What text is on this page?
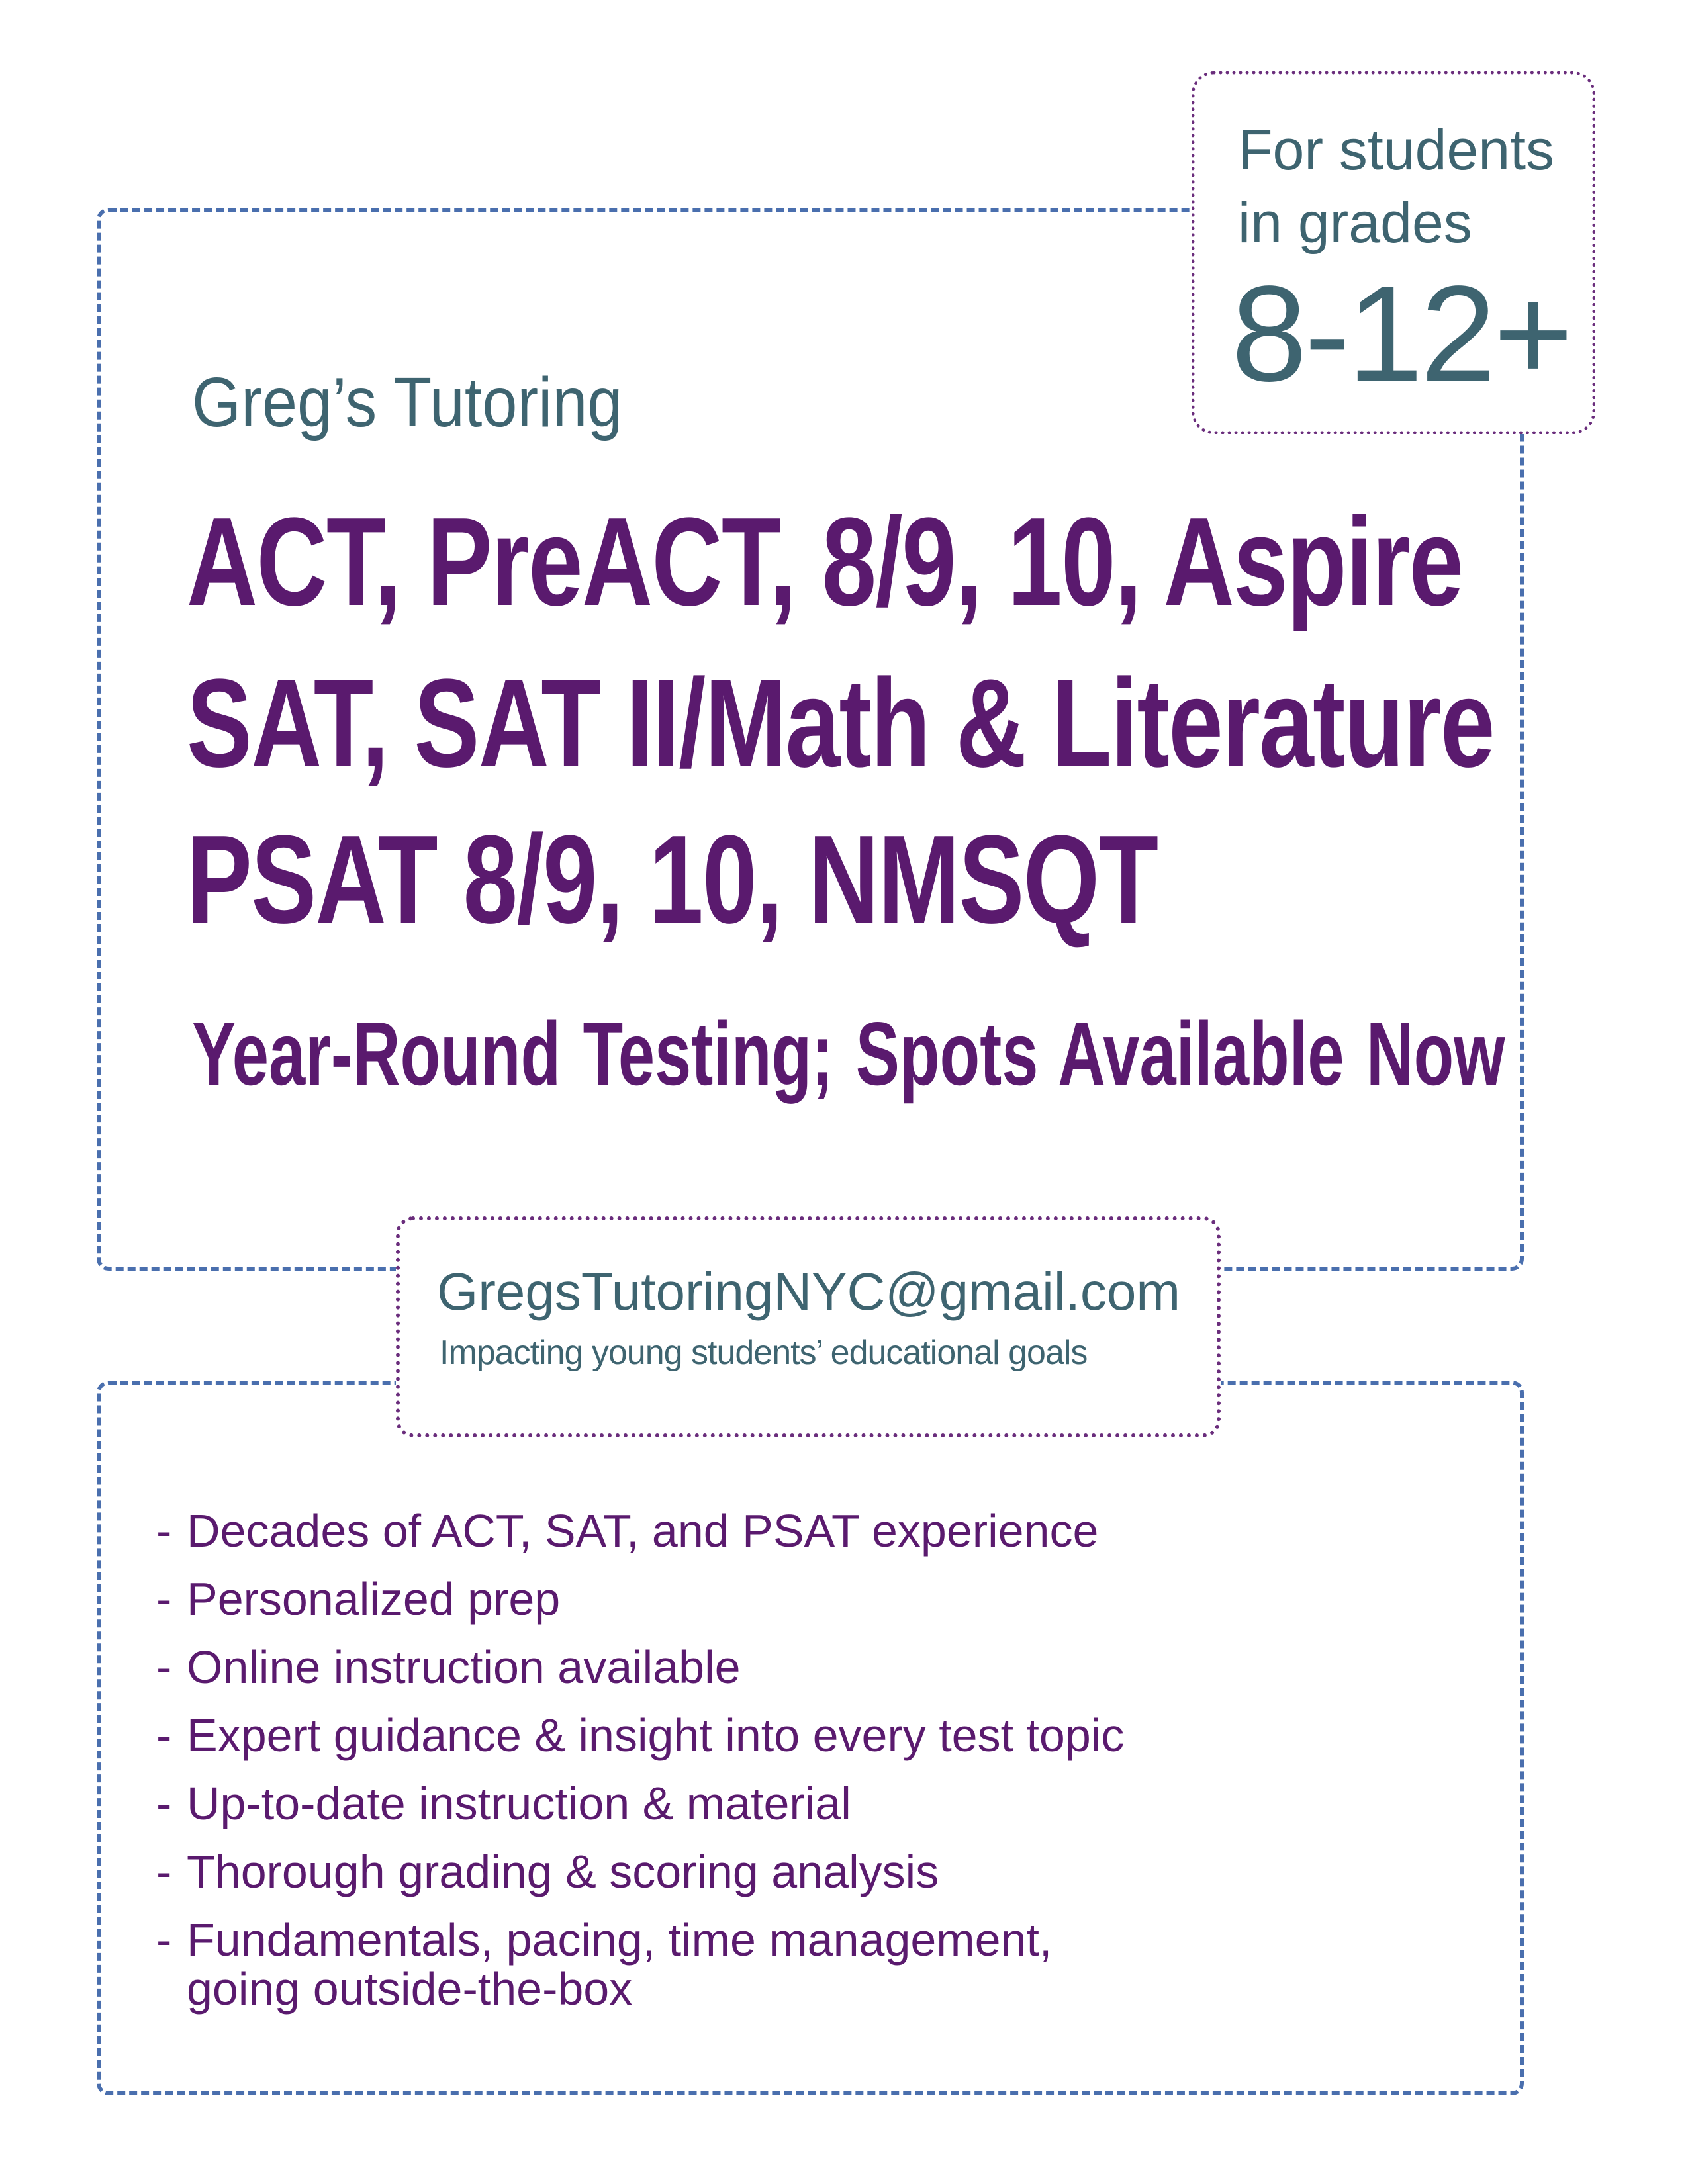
For students

in grades

8-12+

Greg’s Tutoring

ACT, PreACT, 8/9, 10, Aspire

SAT, SAT II/Math & Literature

PSAT 8/9, 10, NMSQT

Year-Round Testing; Spots Available Now

GregsTutoringNYC@gmail.com

Impacting young students’ educational goals

- Decades of ACT, SAT, and PSAT experience
- Personalized prep
- Online instruction available
- Expert guidance & insight into every test topic
- Up-to-date instruction & material
- Thorough grading & scoring analysis
- Fundamentals, pacing, time management,
going outside-the-box
